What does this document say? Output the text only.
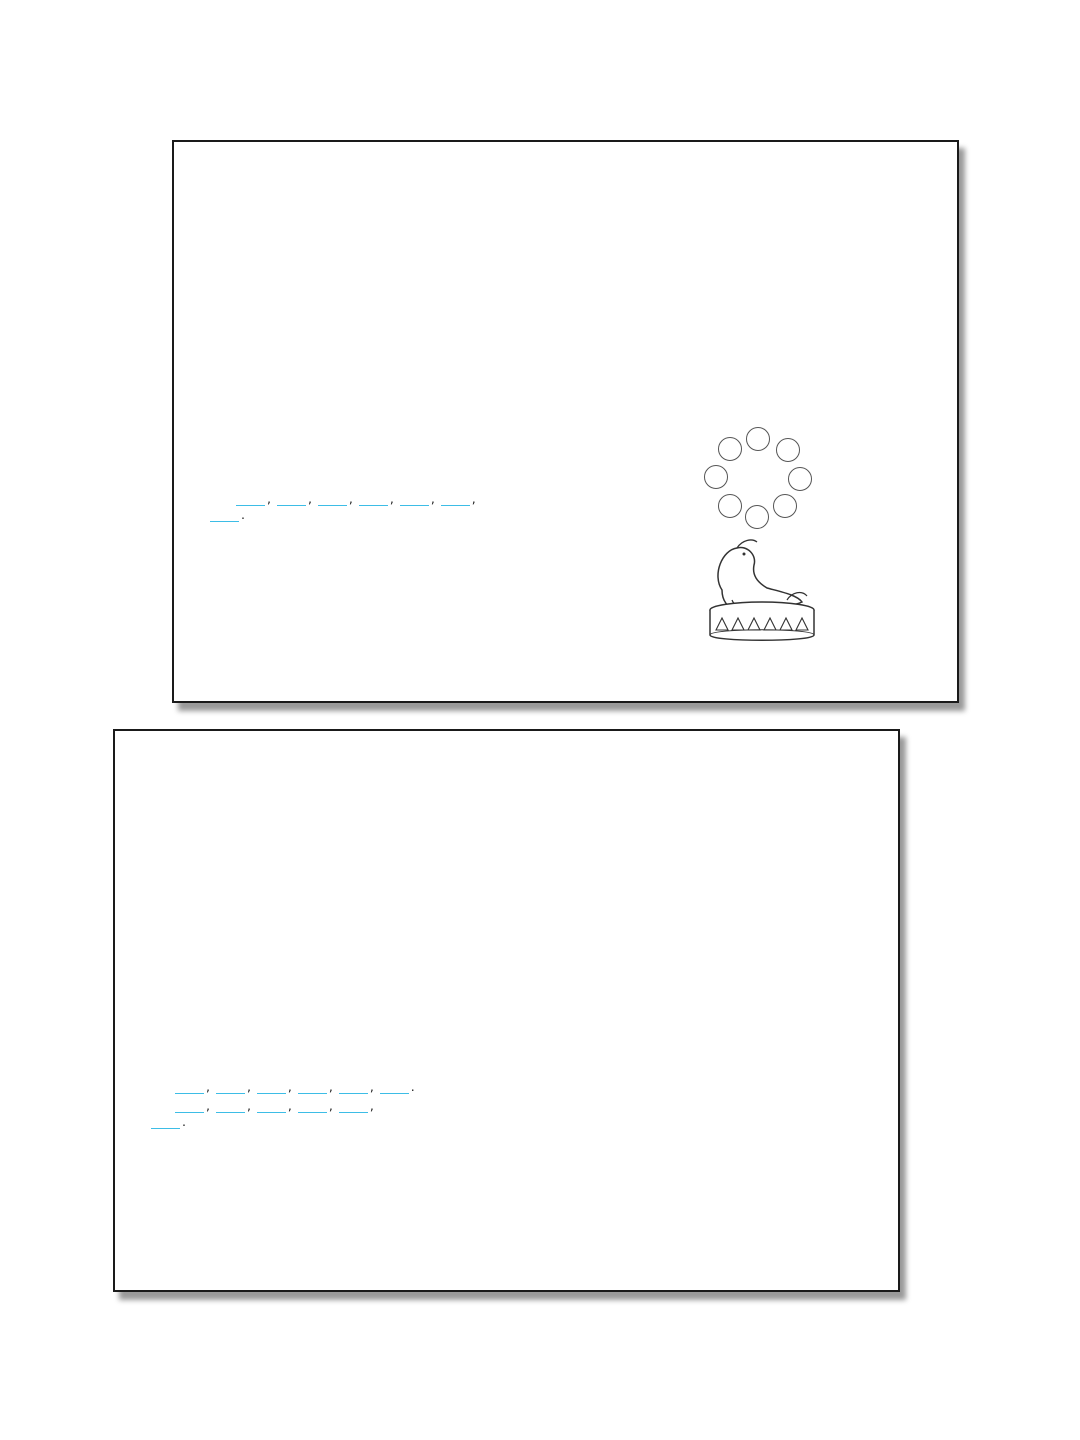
,	,	,	,	,	,
.
,	,	,	,	,	.
,	,	,	,	,
.
